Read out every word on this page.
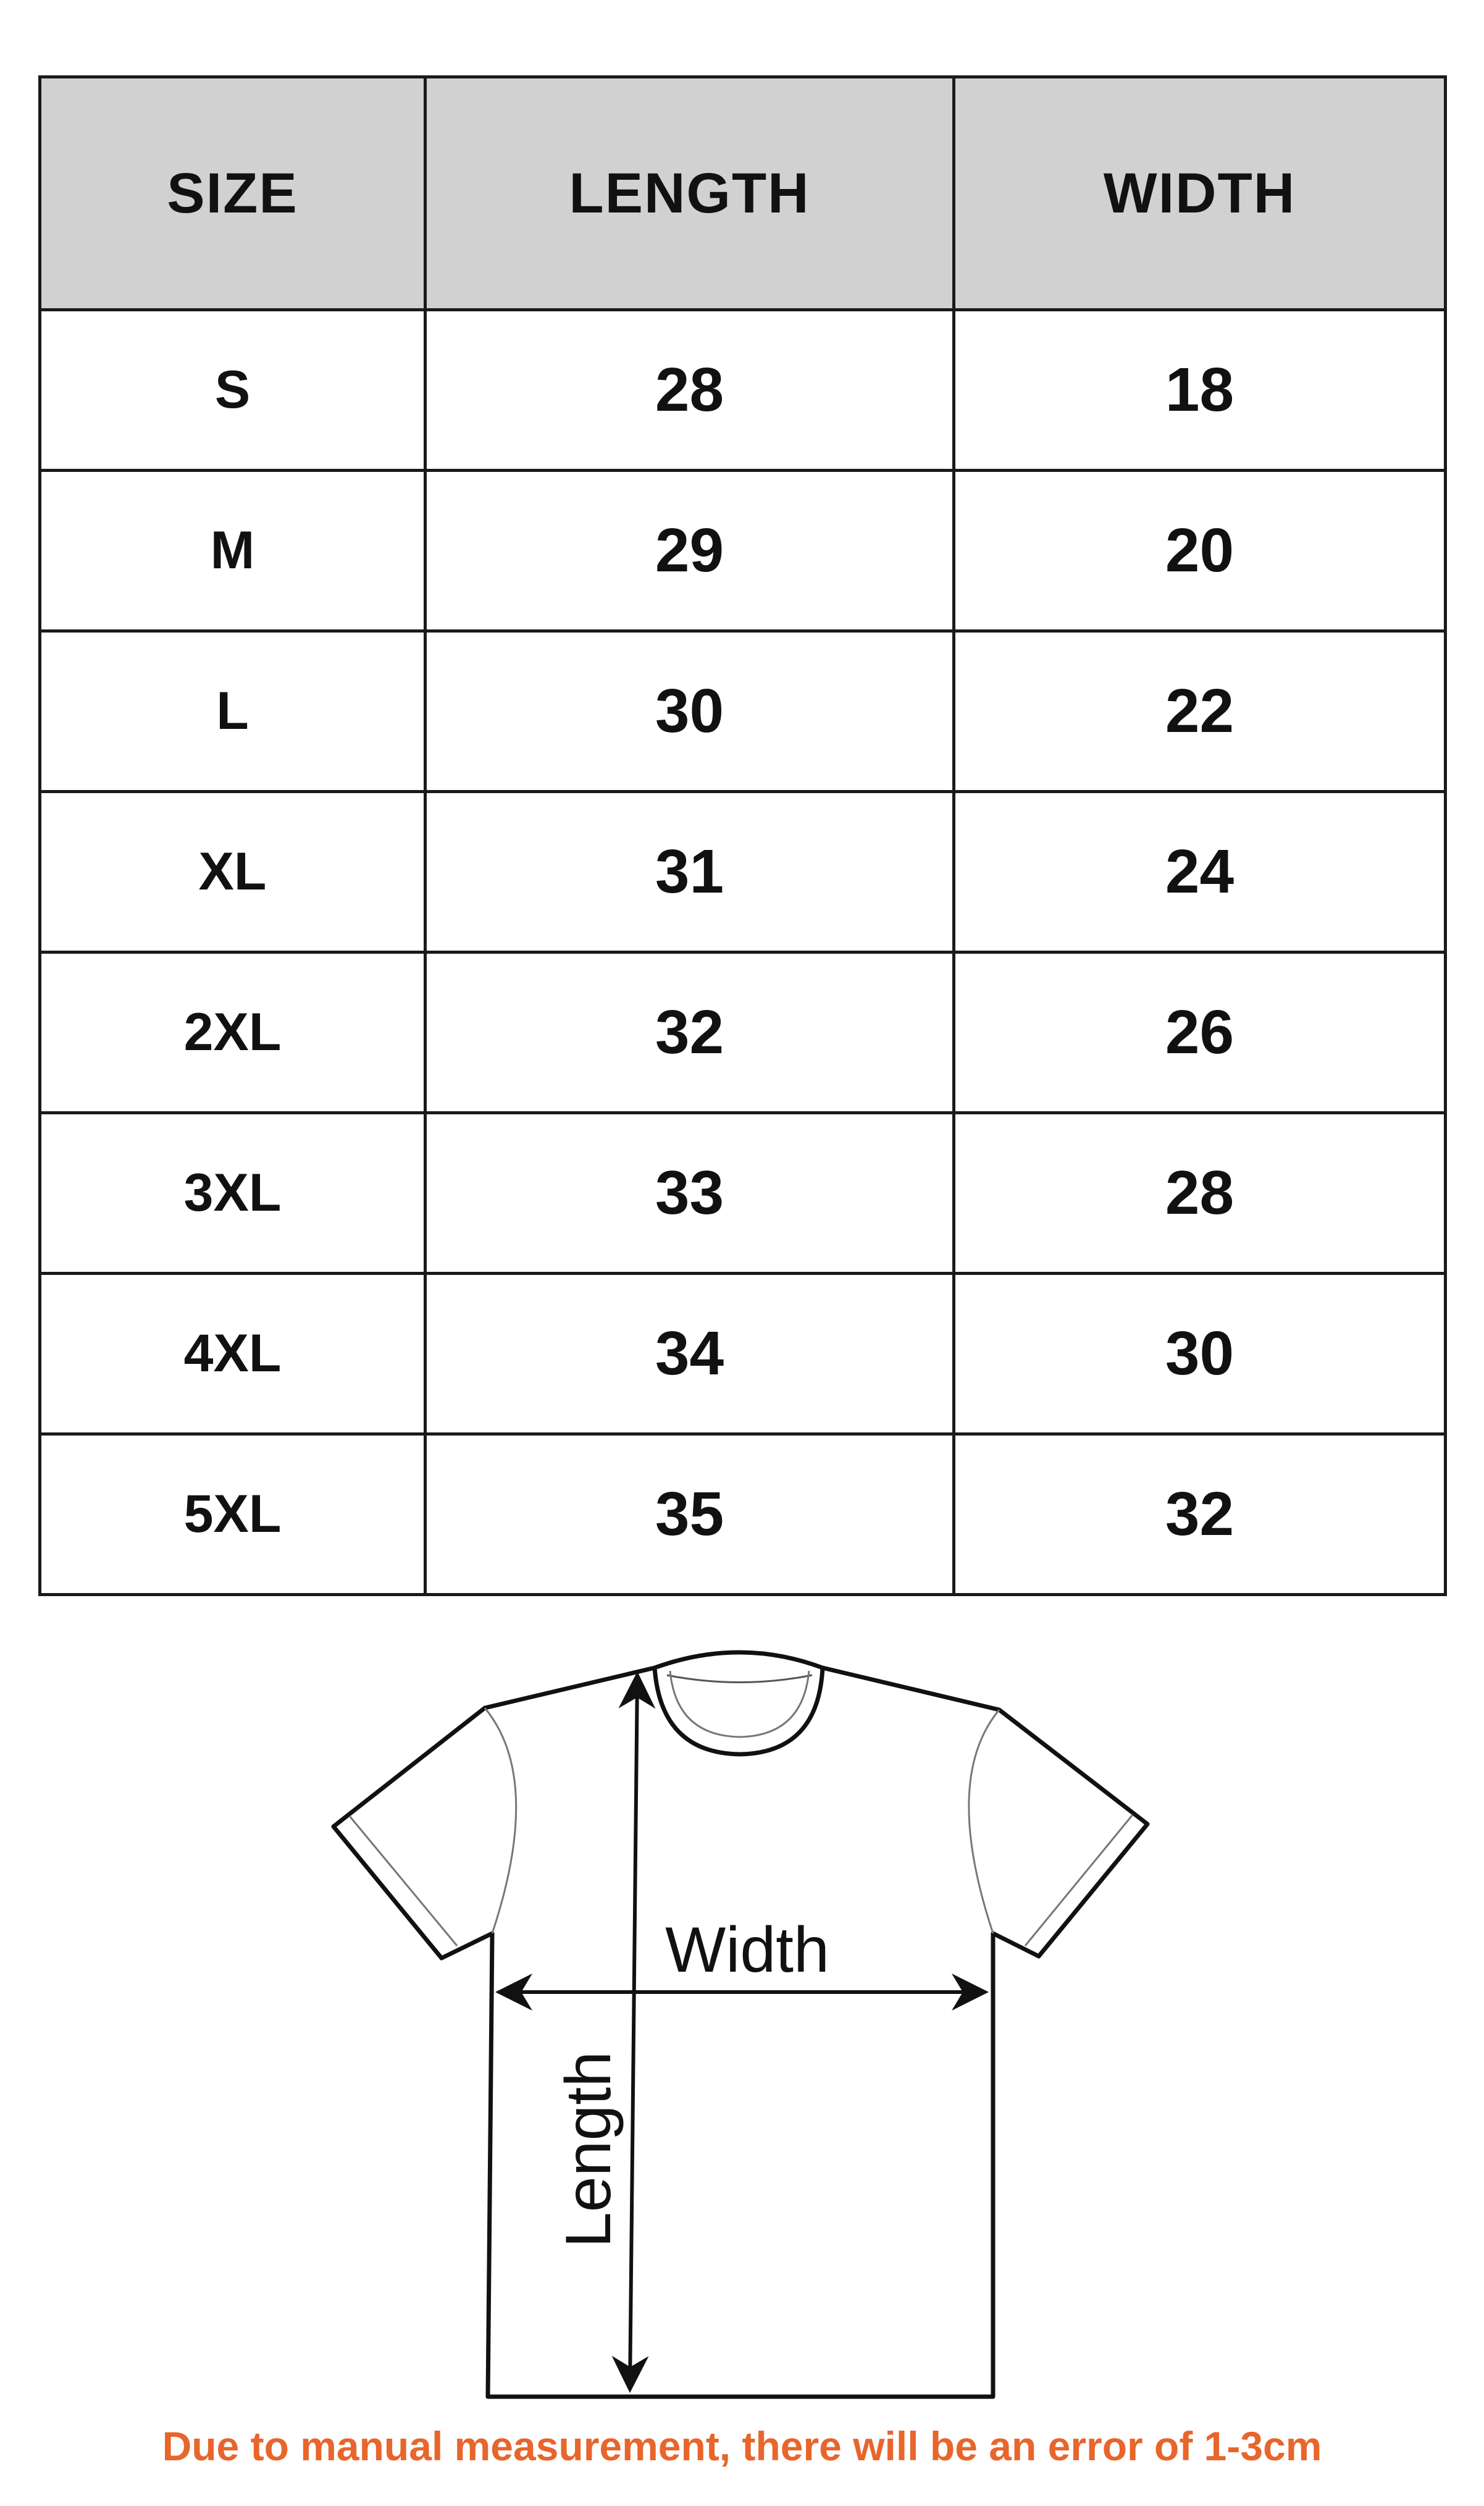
SIZE	LENGTH	WIDTH
S	28	18
M	29	20
L	30	22
XL	31	24
2XL	32	26
3XL	33	28
4XL	34	30
5XL	35	32
Width
Length

Due to manual measurement, there will be an error of 1-3cm
